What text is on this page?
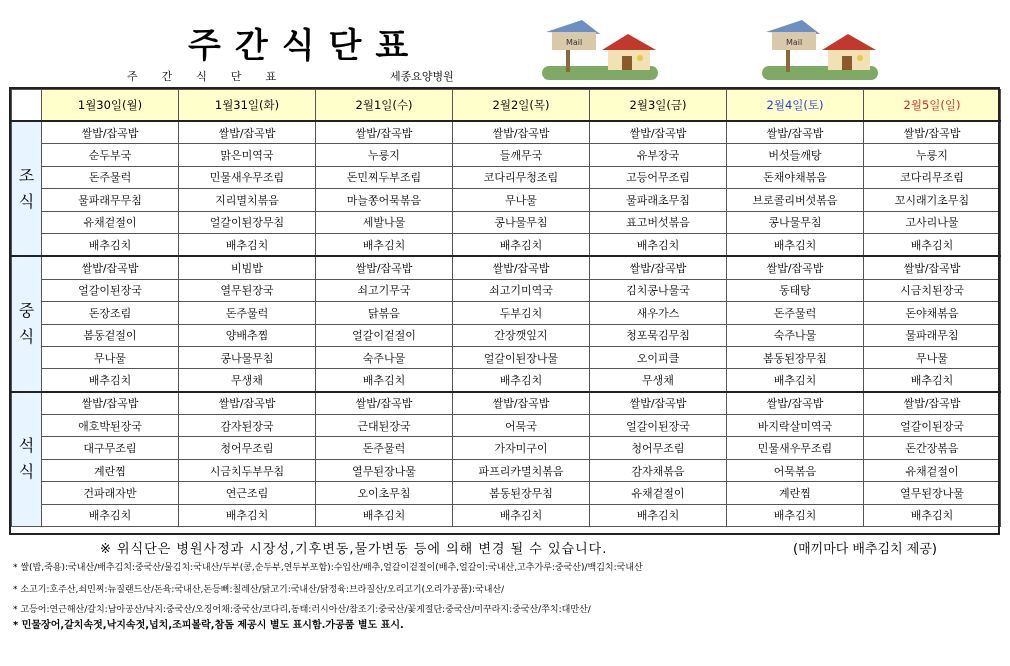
주간식단표
주간식단표	세종요양병원
Mail	Mail
	1월30일(월)	1월31일(화)	2월1일(수)	2월2일(목)	2월3일(금)	2월4일(토)	2월5일(일)
조
식	쌀밥/잡곡밥	쌀밥/잡곡밥	쌀밥/잡곡밥	쌀밥/잡곡밥	쌀밥/잡곡밥	쌀밥/잡곡밥	쌀밥/잡곡밥
	순두부국	맑은미역국	누룽지	들깨무국	유부장국	버섯들깨탕	누룽지
	돈주물럭	민물새우무조림	돈민찌두부조림	코다리무청조림	고등어무조림	돈채야채볶음	코다리무조림
	물파래무무침	지리멸치볶음	마늘쫑어묵볶음	무나물	물파래초무침	브로콜리버섯볶음	꼬시래기초무침
	유채겉절이	얼갈이된장무침	세발나물	콩나물무침	표고버섯볶음	콩나물무침	고사리나물
	배추김치	배추김치	배추김치	배추김치	배추김치	배추김치	배추김치
중
식	쌀밥/잡곡밥	비빔밥	쌀밥/잡곡밥	쌀밥/잡곡밥	쌀밥/잡곡밥	쌀밥/잡곡밥	쌀밥/잡곡밥
	얼갈이된장국	열무된장국	쇠고기무국	쇠고기미역국	김치콩나물국	동태탕	시금치된장국
	돈장조림	돈주물럭	닭볶음	두부김치	새우가스	돈주물럭	돈야채볶음
	봄동겉절이	양배추찜	얼갈이겉절이	간장깻잎지	청포묵김무침	숙주나물	물파래무침
	무나물	콩나물무침	숙주나물	얼갈이된장나물	오이피클	봄동된장무침	무나물
	배추김치	무생채	배추김치	배추김치	무생채	배추김치	배추김치
석
식	쌀밥/잡곡밥	쌀밥/잡곡밥	쌀밥/잡곡밥	쌀밥/잡곡밥	쌀밥/잡곡밥	쌀밥/잡곡밥	쌀밥/잡곡밥
	애호박된장국	감자된장국	근대된장국	어묵국	얼갈이된장국	바지락살미역국	얼갈이된장국
	대구무조림	청어무조림	돈주물럭	가자미구이	청어무조림	민물새우무조림	돈간장볶음
	계란찜	시금치두부무침	열무된장나물	파프리카멸치볶음	감자채볶음	어묵볶음	유채겉절이
	건파래자반	연근조림	오이초무침	봄동된장무침	유채겉절이	계란찜	열무된장나물
	배추김치	배추김치	배추김치	배추김치	배추김치	배추김치	배추김치
※ 위식단은 병원사정과 시장성,기후변동,물가변동 등에 의해 변경 될 수 있습니다.	(매끼마다 배추김치 제공)
* 쌀(밥,죽용):국내산/배추김치:중국산/물김치:국내산/두부(콩,순두부,연두부포함):수입산/배추,얼갈이겉절이(배추,얼갈이:국내산,고추가루:중국산)/백김치:국내산
* 소고기:호주산,쇠민찌:뉴질랜드산/돈육:국내산,돈등뼈:칠레산/닭고기:국내산/닭정육:브라질산/오리고기(오리가공품):국내산/
* 고등어:연근해산/갈치:남아공산/낙지:중국산/오징어채:중국산/코다리,동태:러시아산/참조기:중국산/꽃게절단:중국산/미꾸라지:중국산/쭈치:대만산/
* 민물장어,갈치속젓,낙지속젓,넙치,조피볼락,참돔 제공시 별도 표시함.가공품 별도 표시.
